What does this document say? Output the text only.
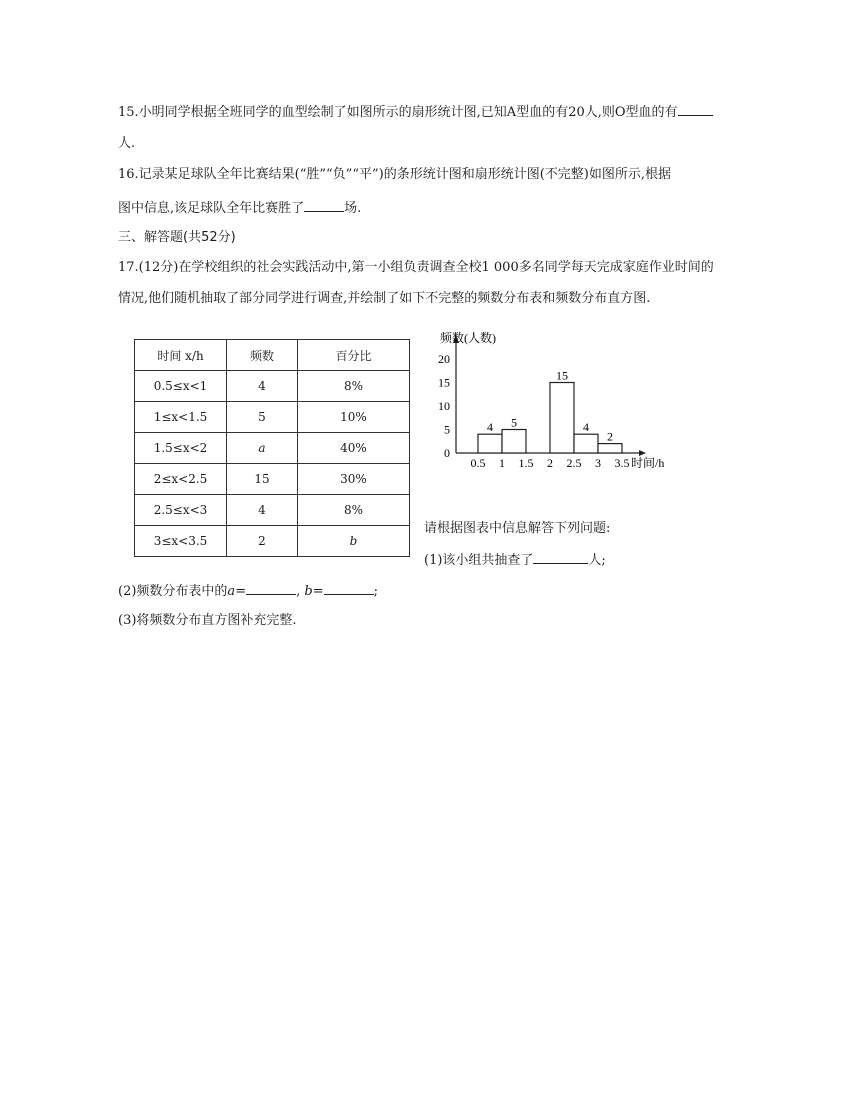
15.小明同学根据全班同学的血型绘制了如图所示的扇形统计图,已知A型血的有20人,则O型血的有
人.
16.记录某足球队全年比赛结果(“胜”“负”“平”)的条形统计图和扇形统计图(不完整)如图所示,根据
图中信息,该足球队全年比赛胜了	场.
三、解答题(共52分)
17.(12分)在学校组织的社会实践活动中,第一小组负责调查全校1 000多名同学每天完成家庭作业时间的
情况,他们随机抽取了部分同学进行调查,并绘制了如下不完整的频数分布表和频数分布直方图.
时间 x/h	频数	百分比
0.5≤x<1	4	8%
1≤x<1.5	5	10%
1.5≤x<2	a	40%
2≤x<2.5	15	30%
2.5≤x<3	4	8%
3≤x<3.5	2	b
频数(人数)
0
5
10
15
20
0.5 1 1.5 2 2.5 3 3.5 时间/h
4 5
15
4
2
请根据图表中信息解答下列问题:
(1)该小组共抽查了	人;
(2)频数分布表中的a=	, b=	;
(3)将频数分布直方图补充完整.
